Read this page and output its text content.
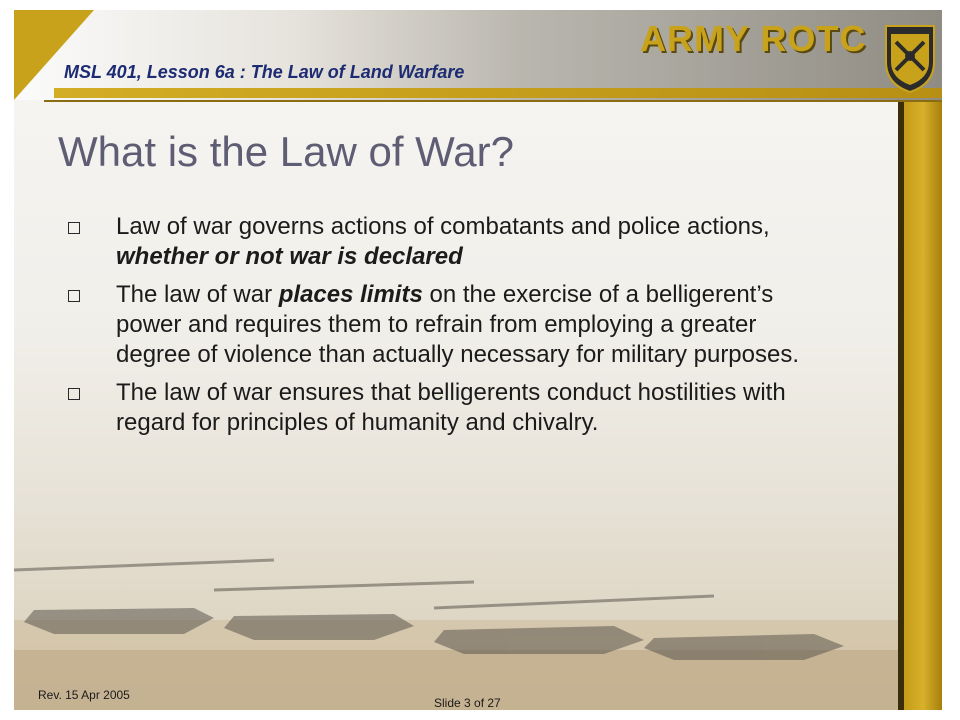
MSL 401, Lesson 6a : The Law of Land Warfare
ARMY ROTC
What is the Law of War?
Law of war governs actions of combatants and police actions, whether or not war is declared
The law of war places limits on the exercise of a belligerent’s power and requires them to refrain from employing a greater degree of violence than actually necessary for military purposes.
The law of war ensures that belligerents conduct hostilities with regard for principles of humanity and chivalry.
Rev. 15 Apr 2005
Slide 3 of 27
